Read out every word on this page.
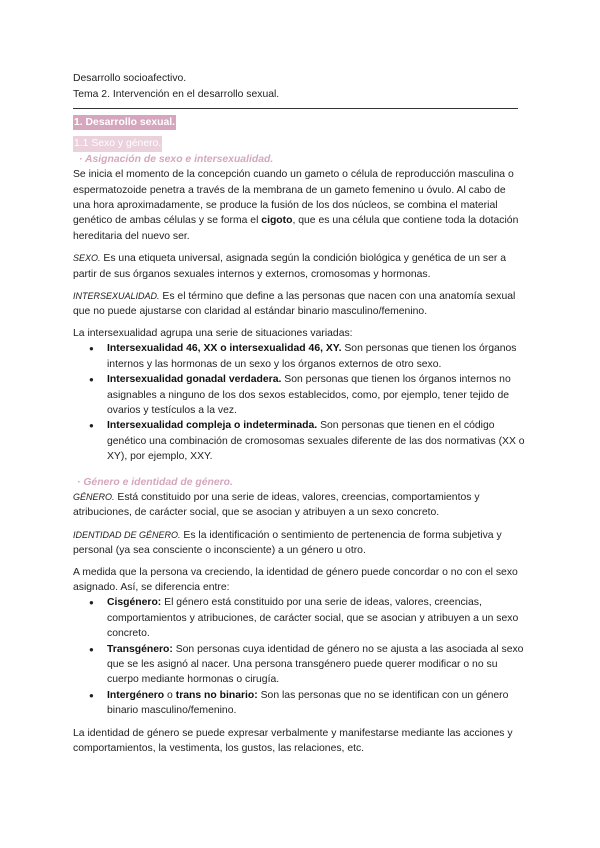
Desarrollo socioafectivo.
Tema 2. Intervención en el desarrollo sexual.
1. Desarrollo sexual.
1.1 Sexo y género.
· Asignación de sexo e intersexualidad.

Se inicia el momento de la concepción cuando un gameto o célula de reproducción masculina o espermatozoide penetra a través de la membrana de un gameto femenino u óvulo. Al cabo de una hora aproximadamente, se produce la fusión de los dos núcleos, se combina el material genético de ambas células y se forma el cigoto, que es una célula que contiene toda la dotación hereditaria del nuevo ser.

SEXO. Es una etiqueta universal, asignada según la condición biológica y genética de un ser a partir de sus órganos sexuales internos y externos, cromosomas y hormonas.

INTERSEXUALIDAD. Es el término que define a las personas que nacen con una anatomía sexual que no puede ajustarse con claridad al estándar binario masculino/femenino.

La intersexualidad agrupa una serie de situaciones variadas:

● Intersexualidad 46, XX o intersexualidad 46, XY. Son personas que tienen los órganos internos y las hormonas de un sexo y los órganos externos de otro sexo.
● Intersexualidad gonadal verdadera. Son personas que tienen los órganos internos no asignables a ninguno de los dos sexos establecidos, como, por ejemplo, tener tejido de ovarios y testículos a la vez.
● Intersexualidad compleja o indeterminada. Son personas que tienen en el código genético una combinación de cromosomas sexuales diferente de las dos normativas (XX o XY), por ejemplo, XXY.
· Género e identidad de género.

GÉNERO. Está constituido por una serie de ideas, valores, creencias, comportamientos y atribuciones, de carácter social, que se asocian y atribuyen a un sexo concreto.

IDENTIDAD DE GÉNERO. Es la identificación o sentimiento de pertenencia de forma subjetiva y personal (ya sea consciente o inconsciente) a un género u otro.

A medida que la persona va creciendo, la identidad de género puede concordar o no con el sexo asignado. Así, se diferencia entre:

● Cisgénero: El género está constituido por una serie de ideas, valores, creencias, comportamientos y atribuciones, de carácter social, que se asocian y atribuyen a un sexo concreto.
● Transgénero: Son personas cuya identidad de género no se ajusta a las asociada al sexo que se les asignó al nacer. Una persona transgénero puede querer modificar o no su cuerpo mediante hormonas o cirugía.
● Intergénero o trans no binario: Son las personas que no se identifican con un género binario masculino/femenino.

La identidad de género se puede expresar verbalmente y manifestarse mediante las acciones y comportamientos, la vestimenta, los gustos, las relaciones, etc.
